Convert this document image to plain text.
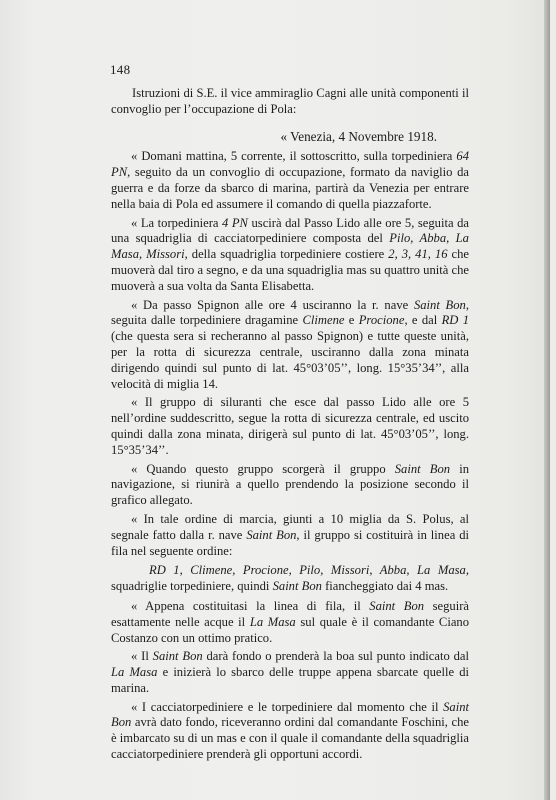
148

Istruzioni di S.E. il vice ammiraglio Cagni alle unità componenti il convoglio per l’occupazione di Pola:

« Venezia, 4 Novembre 1918.

« Domani mattina, 5 corrente, il sottoscritto, sulla torpediniera 64 PN, seguito da un convoglio di occupazione, formato da naviglio da guerra e da forze da sbarco di marina, partirà da Venezia per entrare nella baia di Pola ed assumere il comando di quella piazzaforte.

« La torpediniera 4 PN uscirà dal Passo Lido alle ore 5, seguita da una squadriglia di cacciatorpediniere composta del Pilo, Abba, La Masa, Missori, della squadriglia torpediniere costiere 2, 3, 41, 16 che muoverà dal tiro a segno, e da una squadriglia mas su quattro unità che muoverà a sua volta da Santa Elisabetta.

« Da passo Spignon alle ore 4 usciranno la r. nave Saint Bon, seguita dalle torpediniere dragamine Climene e Procione, e dal RD 1 (che questa sera si recheranno al passo Spignon) e tutte queste unità, per la rotta di sicurezza centrale, usciranno dalla zona minata dirigendo quindi sul punto di lat. 45°03’05’’, long. 15°35’34’’, alla velocità di miglia 14.

« Il gruppo di siluranti che esce dal passo Lido alle ore 5 nell’ordine suddescritto, segue la rotta di sicurezza centrale, ed uscito quindi dalla zona minata, dirigerà sul punto di lat. 45°03’05’’, long. 15°35’34’’.

« Quando questo gruppo scorgerà il gruppo Saint Bon in navigazione, si riunirà a quello prendendo la posizione secondo il grafico allegato.

« In tale ordine di marcia, giunti a 10 miglia da S. Polus, al segnale fatto dalla r. nave Saint Bon, il gruppo si costituirà in linea di fila nel seguente ordine:

RD 1, Climene, Procione, Pilo, Missori, Abba, La Masa, squadriglie torpediniere, quindi Saint Bon fiancheggiato dai 4 mas.

« Appena costituitasi la linea di fila, il Saint Bon seguirà esattamente nelle acque il La Masa sul quale è il comandante Ciano Costanzo con un ottimo pratico.

« Il Saint Bon darà fondo o prenderà la boa sul punto indicato dal La Masa e inizierà lo sbarco delle truppe appena sbarcate quelle di marina.

« I cacciatorpediniere e le torpediniere dal momento che il Saint Bon avrà dato fondo, riceveranno ordini dal comandante Foschini, che è imbarcato su di un mas e con il quale il comandante della squadriglia cacciatorpediniere prenderà gli opportuni accordi.
